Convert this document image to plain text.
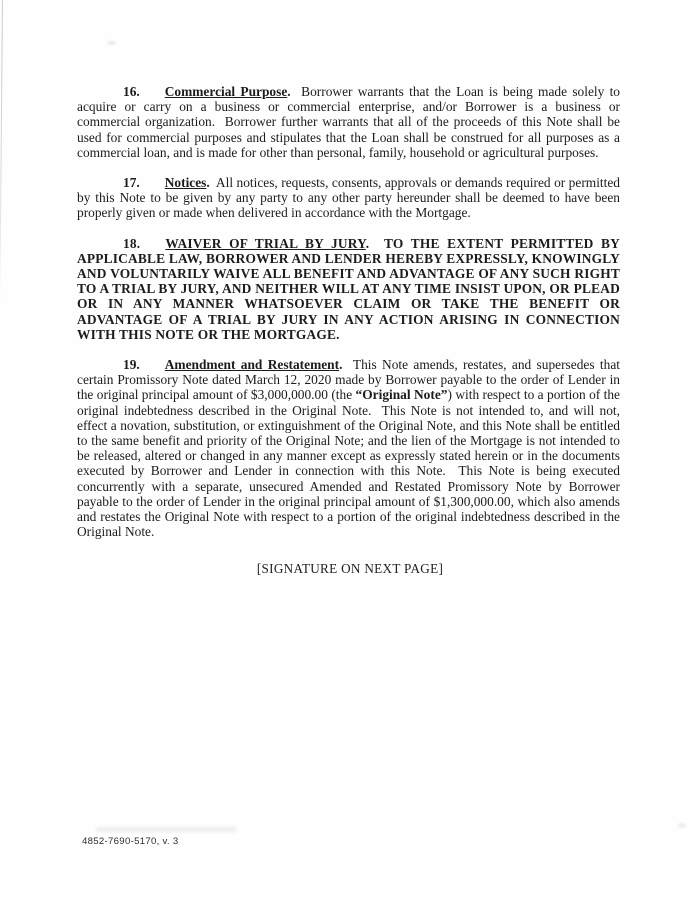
16. Commercial Purpose.  Borrower warrants that the Loan is being made solely to acquire or carry on a business or commercial enterprise, and/or Borrower is a business or commercial organization.  Borrower further warrants that all of the proceeds of this Note shall be used for commercial purposes and stipulates that the Loan shall be construed for all purposes as a commercial loan, and is made for other than personal, family, household or agricultural purposes.

17. Notices.  All notices, requests, consents, approvals or demands required or permitted by this Note to be given by any party to any other party hereunder shall be deemed to have been properly given or made when delivered in accordance with the Mortgage.

18. WAIVER OF TRIAL BY JURY.  TO THE EXTENT PERMITTED BY APPLICABLE LAW, BORROWER AND LENDER HEREBY EXPRESSLY, KNOWINGLY AND VOLUNTARILY WAIVE ALL BENEFIT AND ADVANTAGE OF ANY SUCH RIGHT TO A TRIAL BY JURY, AND NEITHER WILL AT ANY TIME INSIST UPON, OR PLEAD OR IN ANY MANNER WHATSOEVER CLAIM OR TAKE THE BENEFIT OR ADVANTAGE OF A TRIAL BY JURY IN ANY ACTION ARISING IN CONNECTION WITH THIS NOTE OR THE MORTGAGE.

19. Amendment and Restatement.  This Note amends, restates, and supersedes that certain Promissory Note dated March 12, 2020 made by Borrower payable to the order of Lender in the original principal amount of $3,000,000.00 (the “Original Note”) with respect to a portion of the original indebtedness described in the Original Note.  This Note is not intended to, and will not, effect a novation, substitution, or extinguishment of the Original Note, and this Note shall be entitled to the same benefit and priority of the Original Note; and the lien of the Mortgage is not intended to be released, altered or changed in any manner except as expressly stated herein or in the documents executed by Borrower and Lender in connection with this Note.  This Note is being executed concurrently with a separate, unsecured Amended and Restated Promissory Note by Borrower payable to the order of Lender in the original principal amount of $1,300,000.00, which also amends and restates the Original Note with respect to a portion of the original indebtedness described in the Original Note.

[SIGNATURE ON NEXT PAGE]
4852-7690-5170, v. 3
